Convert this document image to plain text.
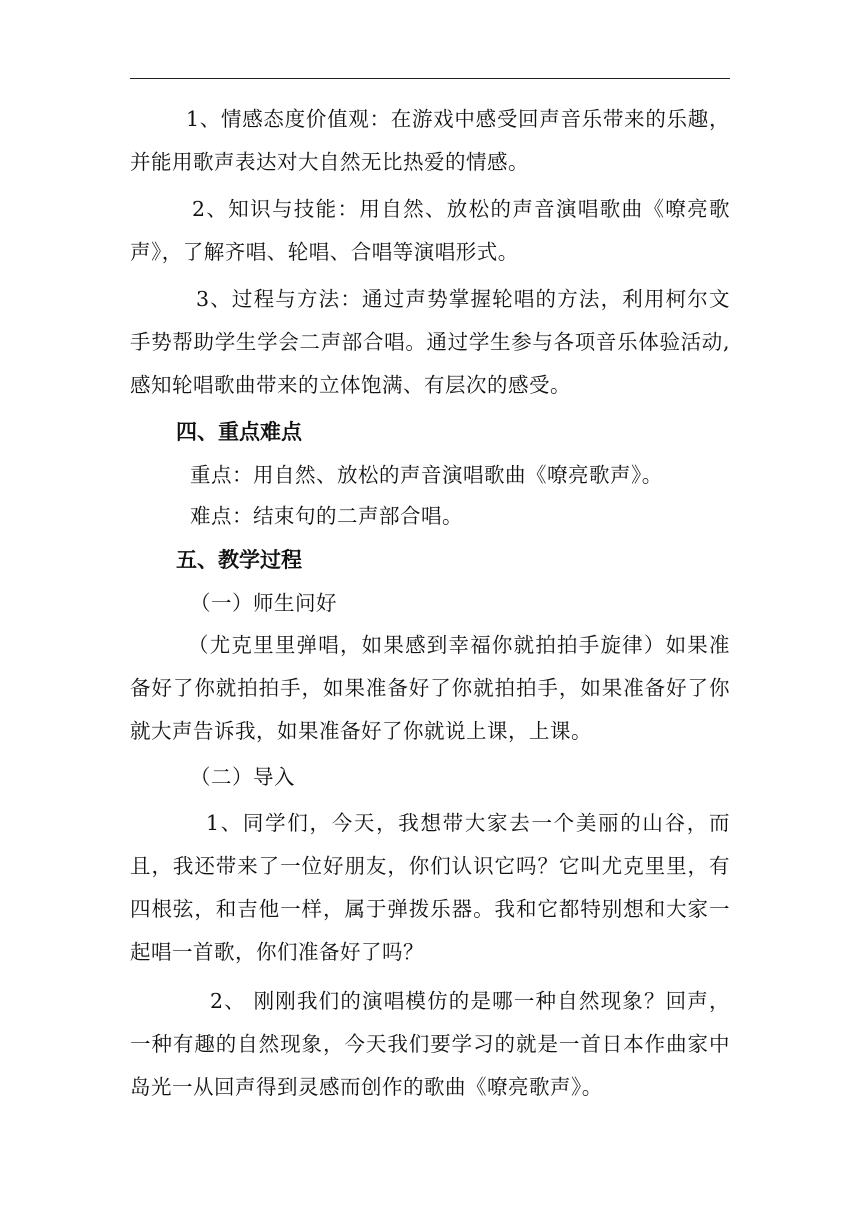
1、情感态度价值观：在游戏中感受回声音乐带来的乐趣，并能用歌声表达对大自然无比热爱的情感。

2、知识与技能：用自然、放松的声音演唱歌曲《嘹亮歌声》，了解齐唱、轮唱、合唱等演唱形式。

3、过程与方法：通过声势掌握轮唱的方法，利用柯尔文手势帮助学生学会二声部合唱。通过学生参与各项音乐体验活动,感知轮唱歌曲带来的立体饱满、有层次的感受。

四、重点难点

重点：用自然、放松的声音演唱歌曲《嘹亮歌声》。

难点：结束句的二声部合唱。

五、教学过程

（一）师生问好

（尤克里里弹唱，如果感到幸福你就拍拍手旋律）如果准备好了你就拍拍手，如果准备好了你就拍拍手，如果准备好了你就大声告诉我，如果准备好了你就说上课，上课。

（二）导入

1、同学们，今天，我想带大家去一个美丽的山谷，而且，我还带来了一位好朋友，你们认识它吗？它叫尤克里里，有四根弦，和吉他一样，属于弹拨乐器。我和它都特别想和大家一起唱一首歌，你们准备好了吗？

2、 刚刚我们的演唱模仿的是哪一种自然现象？回声，一种有趣的自然现象，今天我们要学习的就是一首日本作曲家中岛光一从回声得到灵感而创作的歌曲《嘹亮歌声》。
